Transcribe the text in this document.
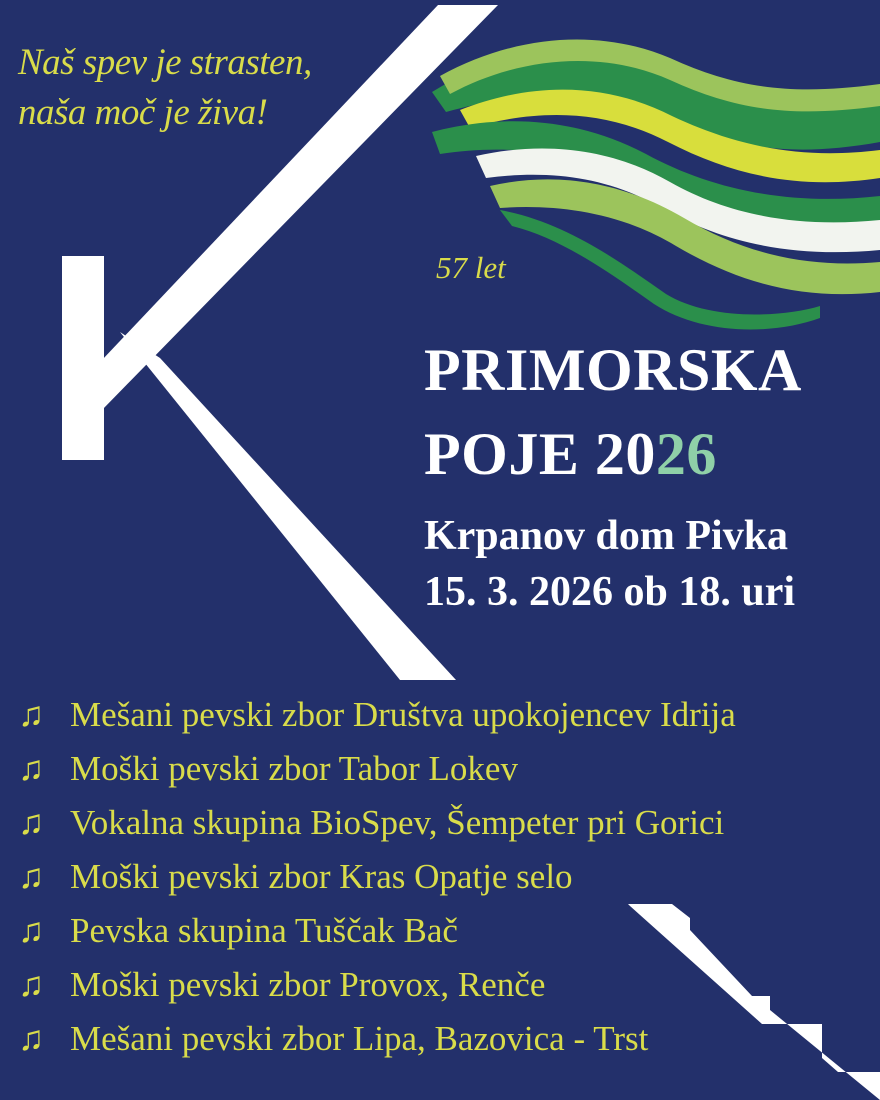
Naš spev je strasten,
naša moč je živa!
57 let
PRIMORSKA
POJE 2026
Krpanov dom Pivka
15. 3. 2026 ob 18. uri
♫ Mešani pevski zbor Društva upokojencev Idrija
♫ Moški pevski zbor Tabor Lokev
♫ Vokalna skupina BioSpev, Šempeter pri Gorici
♫ Moški pevski zbor Kras Opatje selo
♫ Pevska skupina Tuščak Bač
♫ Moški pevski zbor Provox, Renče
♫ Mešani pevski zbor Lipa, Bazovica - Trst
